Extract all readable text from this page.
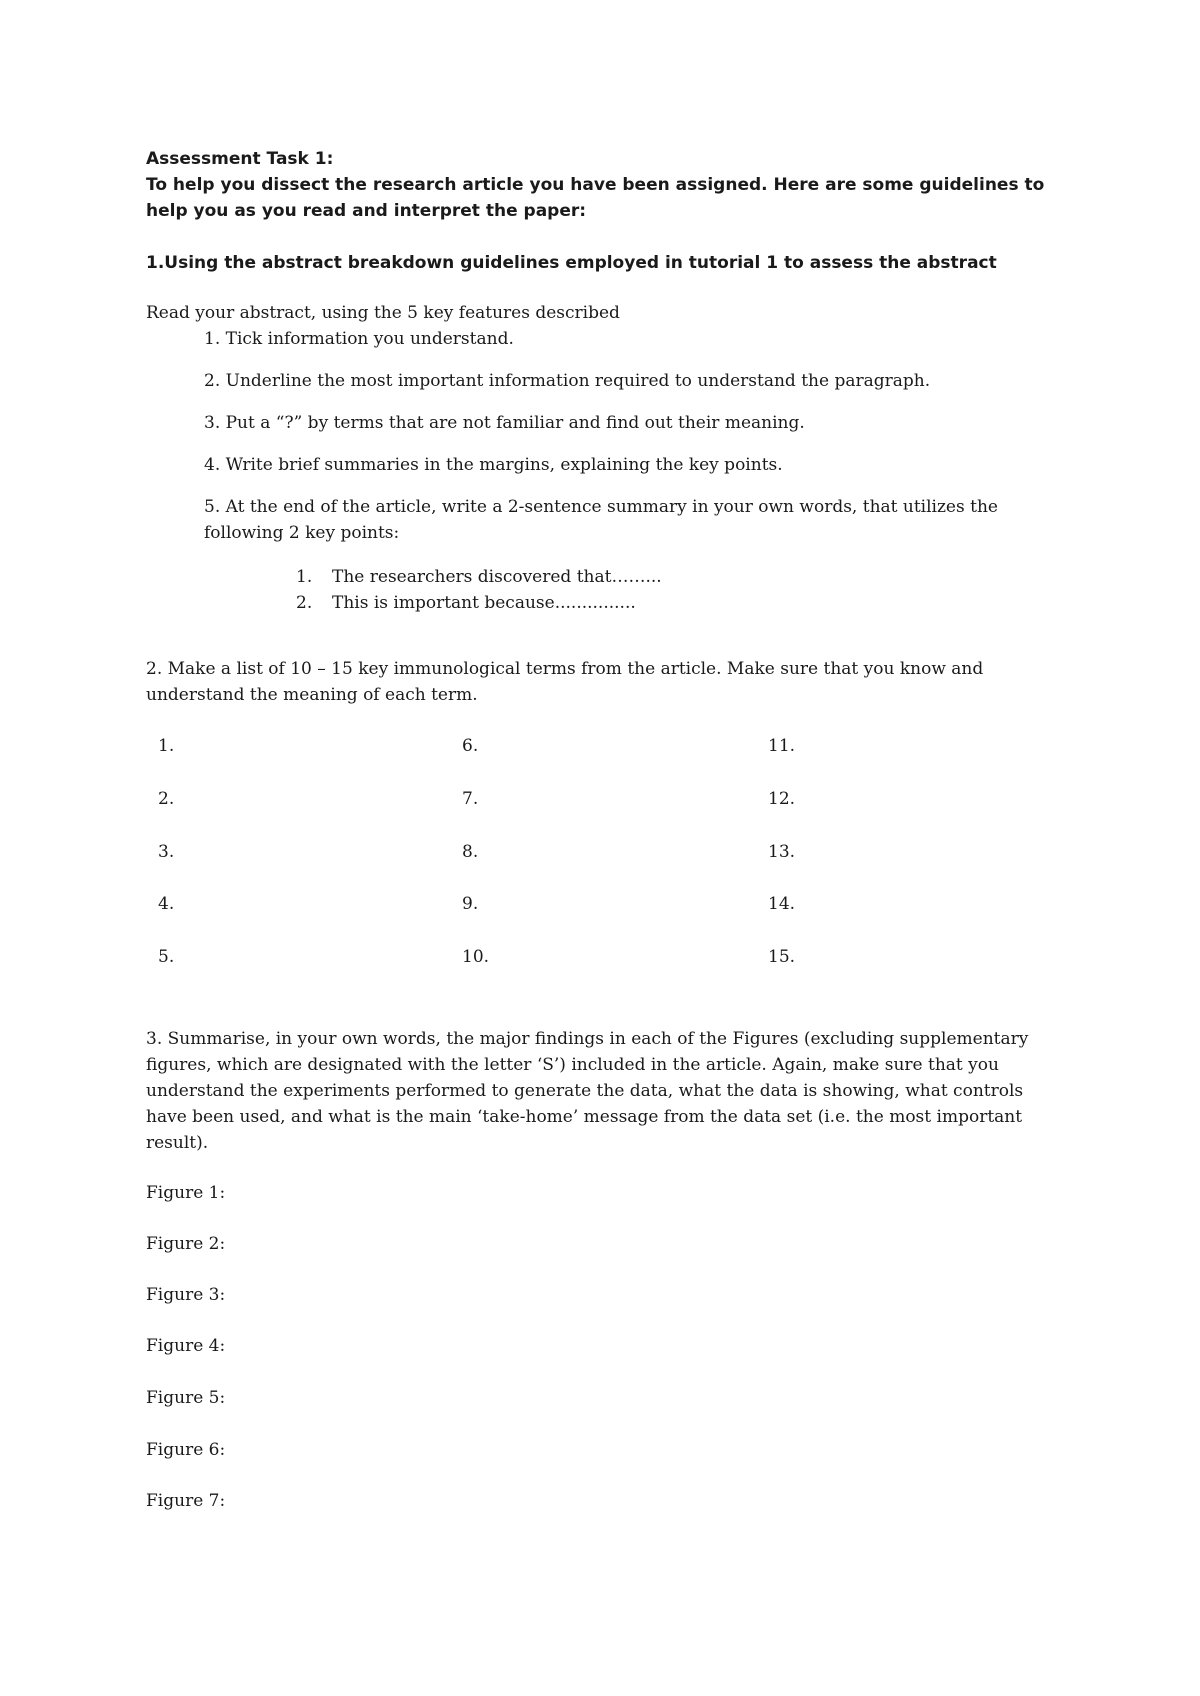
Assessment Task 1:

To help you dissect the research article you have been assigned. Here are some guidelines to

help you as you read and interpret the paper:

1.Using the abstract breakdown guidelines employed in tutorial 1 to assess the abstract

Read your abstract, using the 5 key features described

1. Tick information you understand.
2. Underline the most important information required to understand the paragraph.
3. Put a “?” by terms that are not familiar and find out their meaning.
4. Write brief summaries in the margins, explaining the key points.
5. At the end of the article, write a 2-sentence summary in your own words, that utilizes the
following 2 key points:
1. The researchers discovered that……...
2. This is important because...............

2. Make a list of 10 – 15 key immunological terms from the article. Make sure that you know and

understand the meaning of each term.

1.
2.
3.
4.
5.
6.
7.
8.
9.
10.
11.
12.
13.
14.
15.

3. Summarise, in your own words, the major findings in each of the Figures (excluding supplementary

figures, which are designated with the letter ‘S’) included in the article. Again, make sure that you

understand the experiments performed to generate the data, what the data is showing, what controls

have been used, and what is the main ‘take-home’ message from the data set (i.e. the most important

result).

Figure 1:
Figure 2:
Figure 3:
Figure 4:
Figure 5:
Figure 6:
Figure 7:
